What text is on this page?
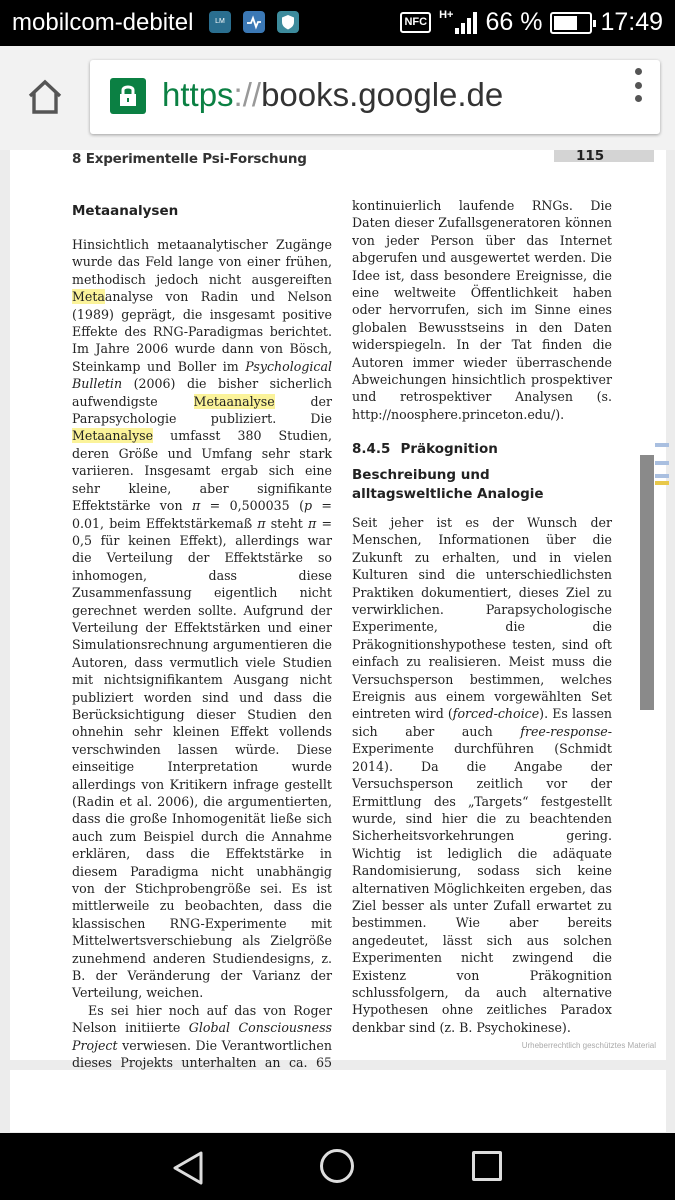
mobilcom-debitel	LM	NFC
H+ 66 % 17:49
https://books.google.de
8 Experimentelle Psi-Forschung	115
Metaanalysen

Hinsichtlich metaanalytischer Zugänge wurde das Feld lange von einer frühen, methodisch jedoch nicht ausgereiften Metaanalyse von Radin und Nelson (1989) geprägt, die insgesamt positive Effekte des RNG-Paradigmas berichtet. Im Jahre 2006 wurde dann von Bösch, Steinkamp und Boller im Psychological Bulletin (2006) die bisher sicherlich aufwendigste Metaanalyse der Parapsychologie publiziert. Die Metaanalyse umfasst 380 Studien, deren Größe und Umfang sehr stark variieren. Insgesamt ergab sich eine sehr kleine, aber signifikante Effektstärke von π = 0,500035 (p = 0.01, beim Effektstärkemaß π steht π = 0,5 für keinen Effekt), allerdings war die Verteilung der Effektstärke so inhomogen, dass diese Zusammenfassung eigentlich nicht gerechnet werden sollte. Aufgrund der Verteilung der Effektstärken und einer Simulationsrechnung argumentieren die Autoren, dass vermutlich viele Studien mit nichtsignifikantem Ausgang nicht publiziert worden sind und dass die Berücksichtigung dieser Studien den ohnehin sehr kleinen Effekt vollends verschwinden lassen würde. Diese einseitige Interpretation wurde allerdings von Kritikern infrage gestellt (Radin et al. 2006), die argumentierten, dass die große Inhomogenität ließe sich auch zum Beispiel durch die Annahme erklären, dass die Effektstärke in diesem Paradigma nicht unabhängig von der Stichprobengröße sei. Es ist mittlerweile zu beobachten, dass die klassischen RNG-Experimente mit Mittelwertsverschiebung als Zielgröße zunehmend anderen Studiendesigns, z. B. der Veränderung der Varianz der Verteilung, weichen.

Es sei hier noch auf das von Roger Nelson initiierte Global Consciousness Project verwiesen. Die Verantwortlichen dieses Projekts unterhalten an ca. 65

kontinuierlich laufende RNGs. Die Daten dieser Zufallsgeneratoren können von jeder Person über das Internet abgerufen und ausgewertet werden. Die Idee ist, dass besondere Ereignisse, die eine weltweite Öffentlichkeit haben oder hervorrufen, sich im Sinne eines globalen Bewusstseins in den Daten widerspiegeln. In der Tat finden die Autoren immer wieder überraschende Abweichungen hinsichtlich prospektiver und retrospektiver Analysen (s. http://noosphere.princeton.edu/).

8.4.5 Präkognition
Beschreibung und alltagsweltliche Analogie

Seit jeher ist es der Wunsch der Menschen, Informationen über die Zukunft zu erhalten, und in vielen Kulturen sind die unterschiedlichsten Praktiken dokumentiert, dieses Ziel zu verwirklichen. Parapsychologische Experimente, die die Präkognitionshypothese testen, sind oft einfach zu realisieren. Meist muss die Versuchsperson bestimmen, welches Ereignis aus einem vorgewählten Set eintreten wird (forced-choice). Es lassen sich aber auch free-response-Experimente durchführen (Schmidt 2014). Da die Angabe der Versuchsperson zeitlich vor der Ermittlung des „Targets“ festgestellt wurde, sind hier die zu beachtenden Sicherheitsvorkehrungen gering. Wichtig ist lediglich die adäquate Randomisierung, sodass sich keine alternativen Möglichkeiten ergeben, das Ziel besser als unter Zufall erwartet zu bestimmen. Wie aber bereits angedeutet, lässt sich aus solchen Experimenten nicht zwingend die Existenz von Präkognition schlussfolgern, da auch alternative Hypothesen ohne zeitliches Paradox denkbar sind (z. B. Psychokinese).

Urheberrechtlich geschütztes Material
